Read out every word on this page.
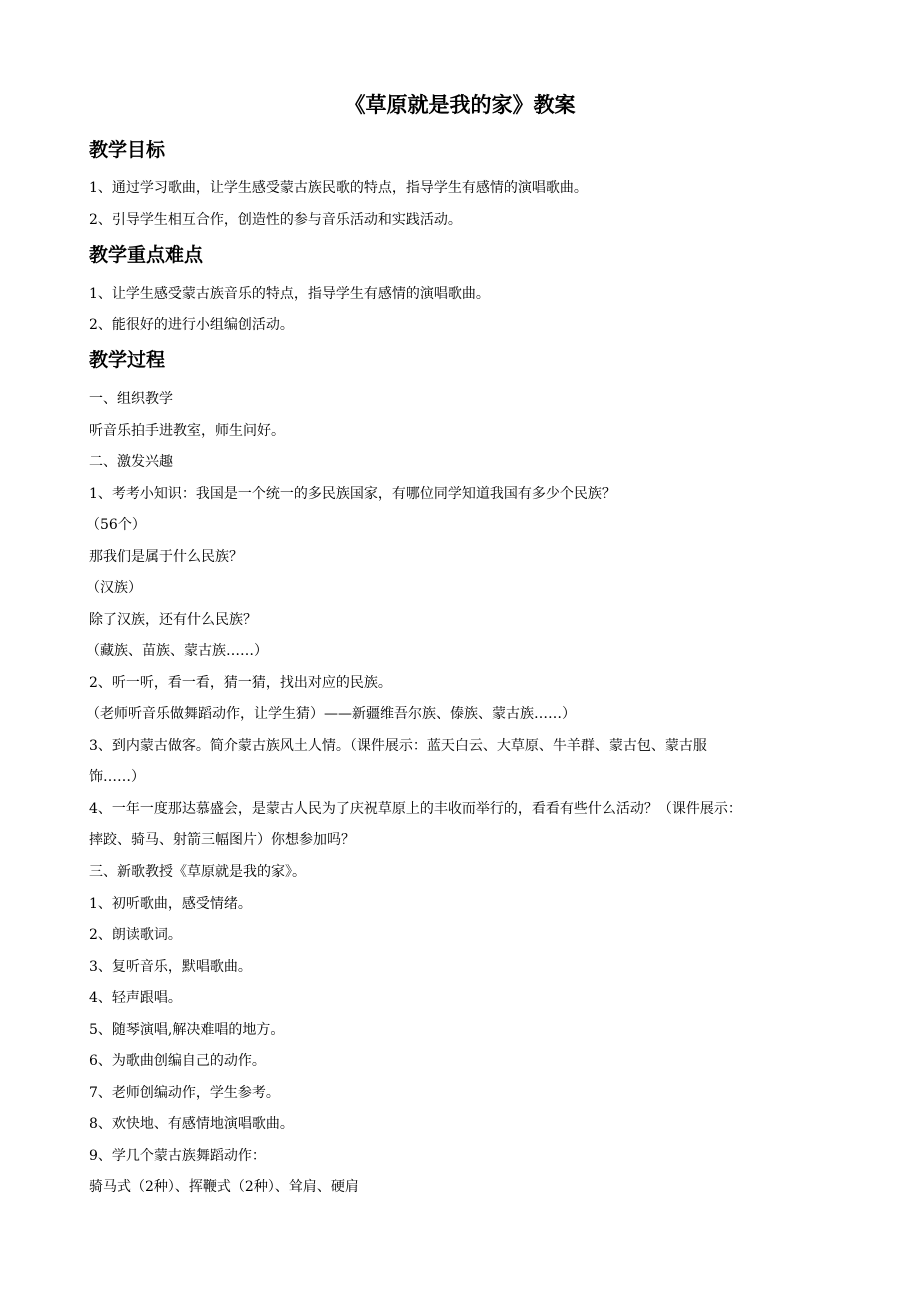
《草原就是我的家》教案
教学目标
1、通过学习歌曲，让学生感受蒙古族民歌的特点，指导学生有感情的演唱歌曲。
2、引导学生相互合作，创造性的参与音乐活动和实践活动。
教学重点难点
1、让学生感受蒙古族音乐的特点，指导学生有感情的演唱歌曲。
2、能很好的进行小组编创活动。
教学过程
一、组织教学
听音乐拍手进教室，师生问好。
二、激发兴趣
1、考考小知识：我国是一个统一的多民族国家，有哪位同学知道我国有多少个民族？
（56个）
那我们是属于什么民族？
（汉族）
除了汉族，还有什么民族？
（藏族、苗族、蒙古族……）
2、听一听，看一看，猜一猜，找出对应的民族。
（老师听音乐做舞蹈动作，让学生猜）——新疆维吾尔族、傣族、蒙古族……）
3、到内蒙古做客。简介蒙古族风土人情。（课件展示：蓝天白云、大草原、牛羊群、蒙古包、蒙古服
饰……）
4、一年一度那达慕盛会，是蒙古人民为了庆祝草原上的丰收而举行的，看看有些什么活动？（课件展示：
摔跤、骑马、射箭三幅图片）你想参加吗？
三、新歌教授《草原就是我的家》。
1、初听歌曲，感受情绪。
2、朗读歌词。
3、复听音乐，默唱歌曲。
4、轻声跟唱。
5、随琴演唱,解决难唱的地方。
6、为歌曲创编自己的动作。
7、老师创编动作，学生参考。
8、欢快地、有感情地演唱歌曲。
9、学几个蒙古族舞蹈动作：
骑马式（2种）、挥鞭式（2种）、耸肩、硬肩
